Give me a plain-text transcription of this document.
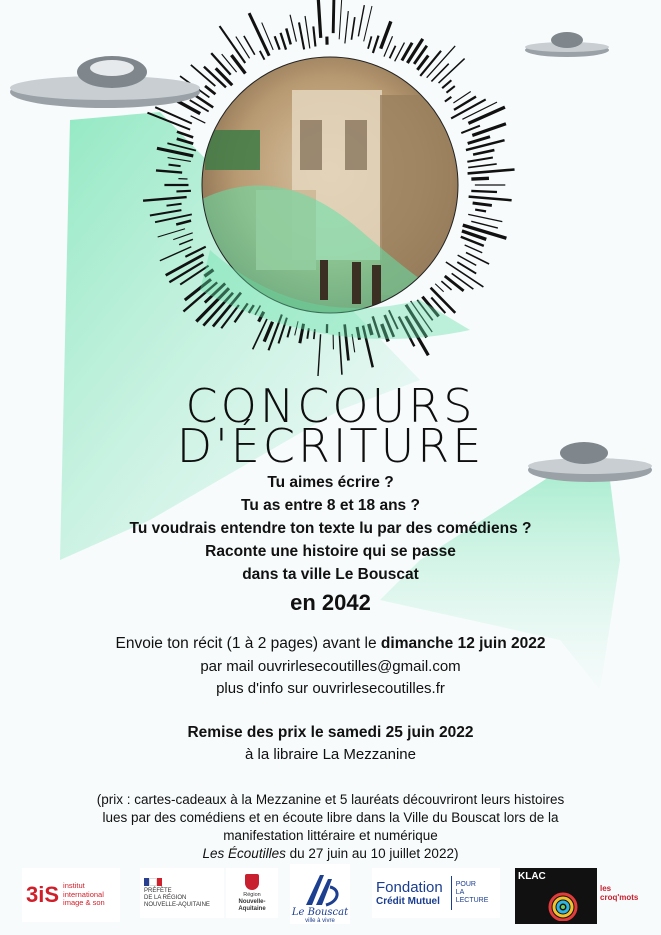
CONCOURS
D'ÉCRITURE
Tu aimes écrire ?
Tu as entre 8 et 18 ans ?
Tu voudrais entendre ton texte lu par des comédiens ?
Raconte une histoire qui se passe
dans ta ville Le Bouscat
en 2042
Envoie ton récit (1 à 2 pages) avant le dimanche 12 juin 2022
par mail ouvrirlesecoutilles@gmail.com
plus d'info sur ouvrirlesecoutilles.fr
Remise des prix le samedi 25 juin 2022
à la libraire La Mezzanine
(prix : cartes-cadeaux à la Mezzanine et 5 lauréats découvriront leurs histoires
lues par des comédiens et en écoute libre dans la Ville du Bouscat lors de la
manifestation littéraire et numérique
Les Écoutilles du 27 juin au 10 juillet 2022)
3iS institut
international
image & son
PRÉFÈTE
DE LA RÉGION
NOUVELLE-AQUITAINE
Région
Nouvelle-
Aquitaine	Le Bouscat
ville à vivre
Fondation
Crédit Mutuel
POUR
LA
LECTURE
KLAC
les croq'mots
